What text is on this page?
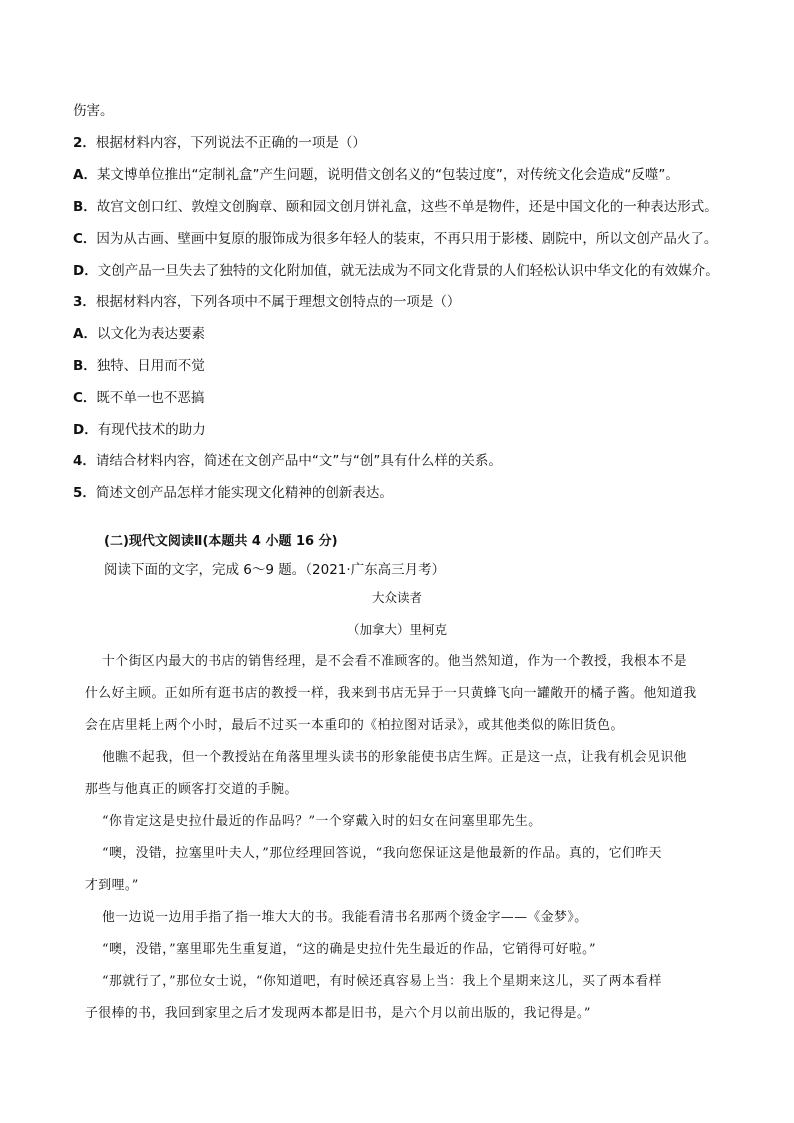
伤害。
2．根据材料内容，下列说法不正确的一项是（）
A．某文博单位推出“定制礼盒”产生问题，说明借文创名义的“包装过度”，对传统文化会造成“反噬”。
B．故宫文创口红、敦煌文创胸章、颐和园文创月饼礼盒，这些不单是物件，还是中国文化的一种表达形式。
C．因为从古画、壁画中复原的服饰成为很多年轻人的装束，不再只用于影楼、剧院中，所以文创产品火了。
D．文创产品一旦失去了独特的文化附加值，就无法成为不同文化背景的人们轻松认识中华文化的有效媒介。
3．根据材料内容，下列各项中不属于理想文创特点的一项是（）
A．以文化为表达要素
B．独特、日用而不觉
C．既不单一也不恶搞
D．有现代技术的助力
4．请结合材料内容，简述在文创产品中“文”与“创”具有什么样的关系。
5．简述文创产品怎样才能实现文化精神的创新表达。
(二)现代文阅读Ⅱ(本题共 4 小题 16 分)
阅读下面的文字，完成 6～9 题。（2021·广东高三月考）
大众读者
（加拿大）里柯克
十个街区内最大的书店的销售经理，是不会看不准顾客的。他当然知道，作为一个教授，我根本不是
什么好主顾。正如所有逛书店的教授一样，我来到书店无异于一只黄蜂飞向一罐敞开的橘子酱。他知道我
会在店里耗上两个小时，最后不过买一本重印的《柏拉图对话录》，或其他类似的陈旧货色。
他瞧不起我，但一个教授站在角落里埋头读书的形象能使书店生辉。正是这一点，让我有机会见识他
那些与他真正的顾客打交道的手腕。
“你肯定这是史拉什最近的作品吗？”一个穿戴入时的妇女在问塞里耶先生。
“噢，没错，拉塞里叶夫人，”那位经理回答说，“我向您保证这是他最新的作品。真的，它们昨天
才到哩。”
他一边说一边用手指了指一堆大大的书。我能看清书名那两个烫金字——《金梦》。
“噢，没错，”塞里耶先生重复道，“这的确是史拉什先生最近的作品，它销得可好啦。”
“那就行了，”那位女士说，“你知道吧，有时候还真容易上当：我上个星期来这儿，买了两本看样
子很棒的书，我回到家里之后才发现两本都是旧书，是六个月以前出版的，我记得是。”
